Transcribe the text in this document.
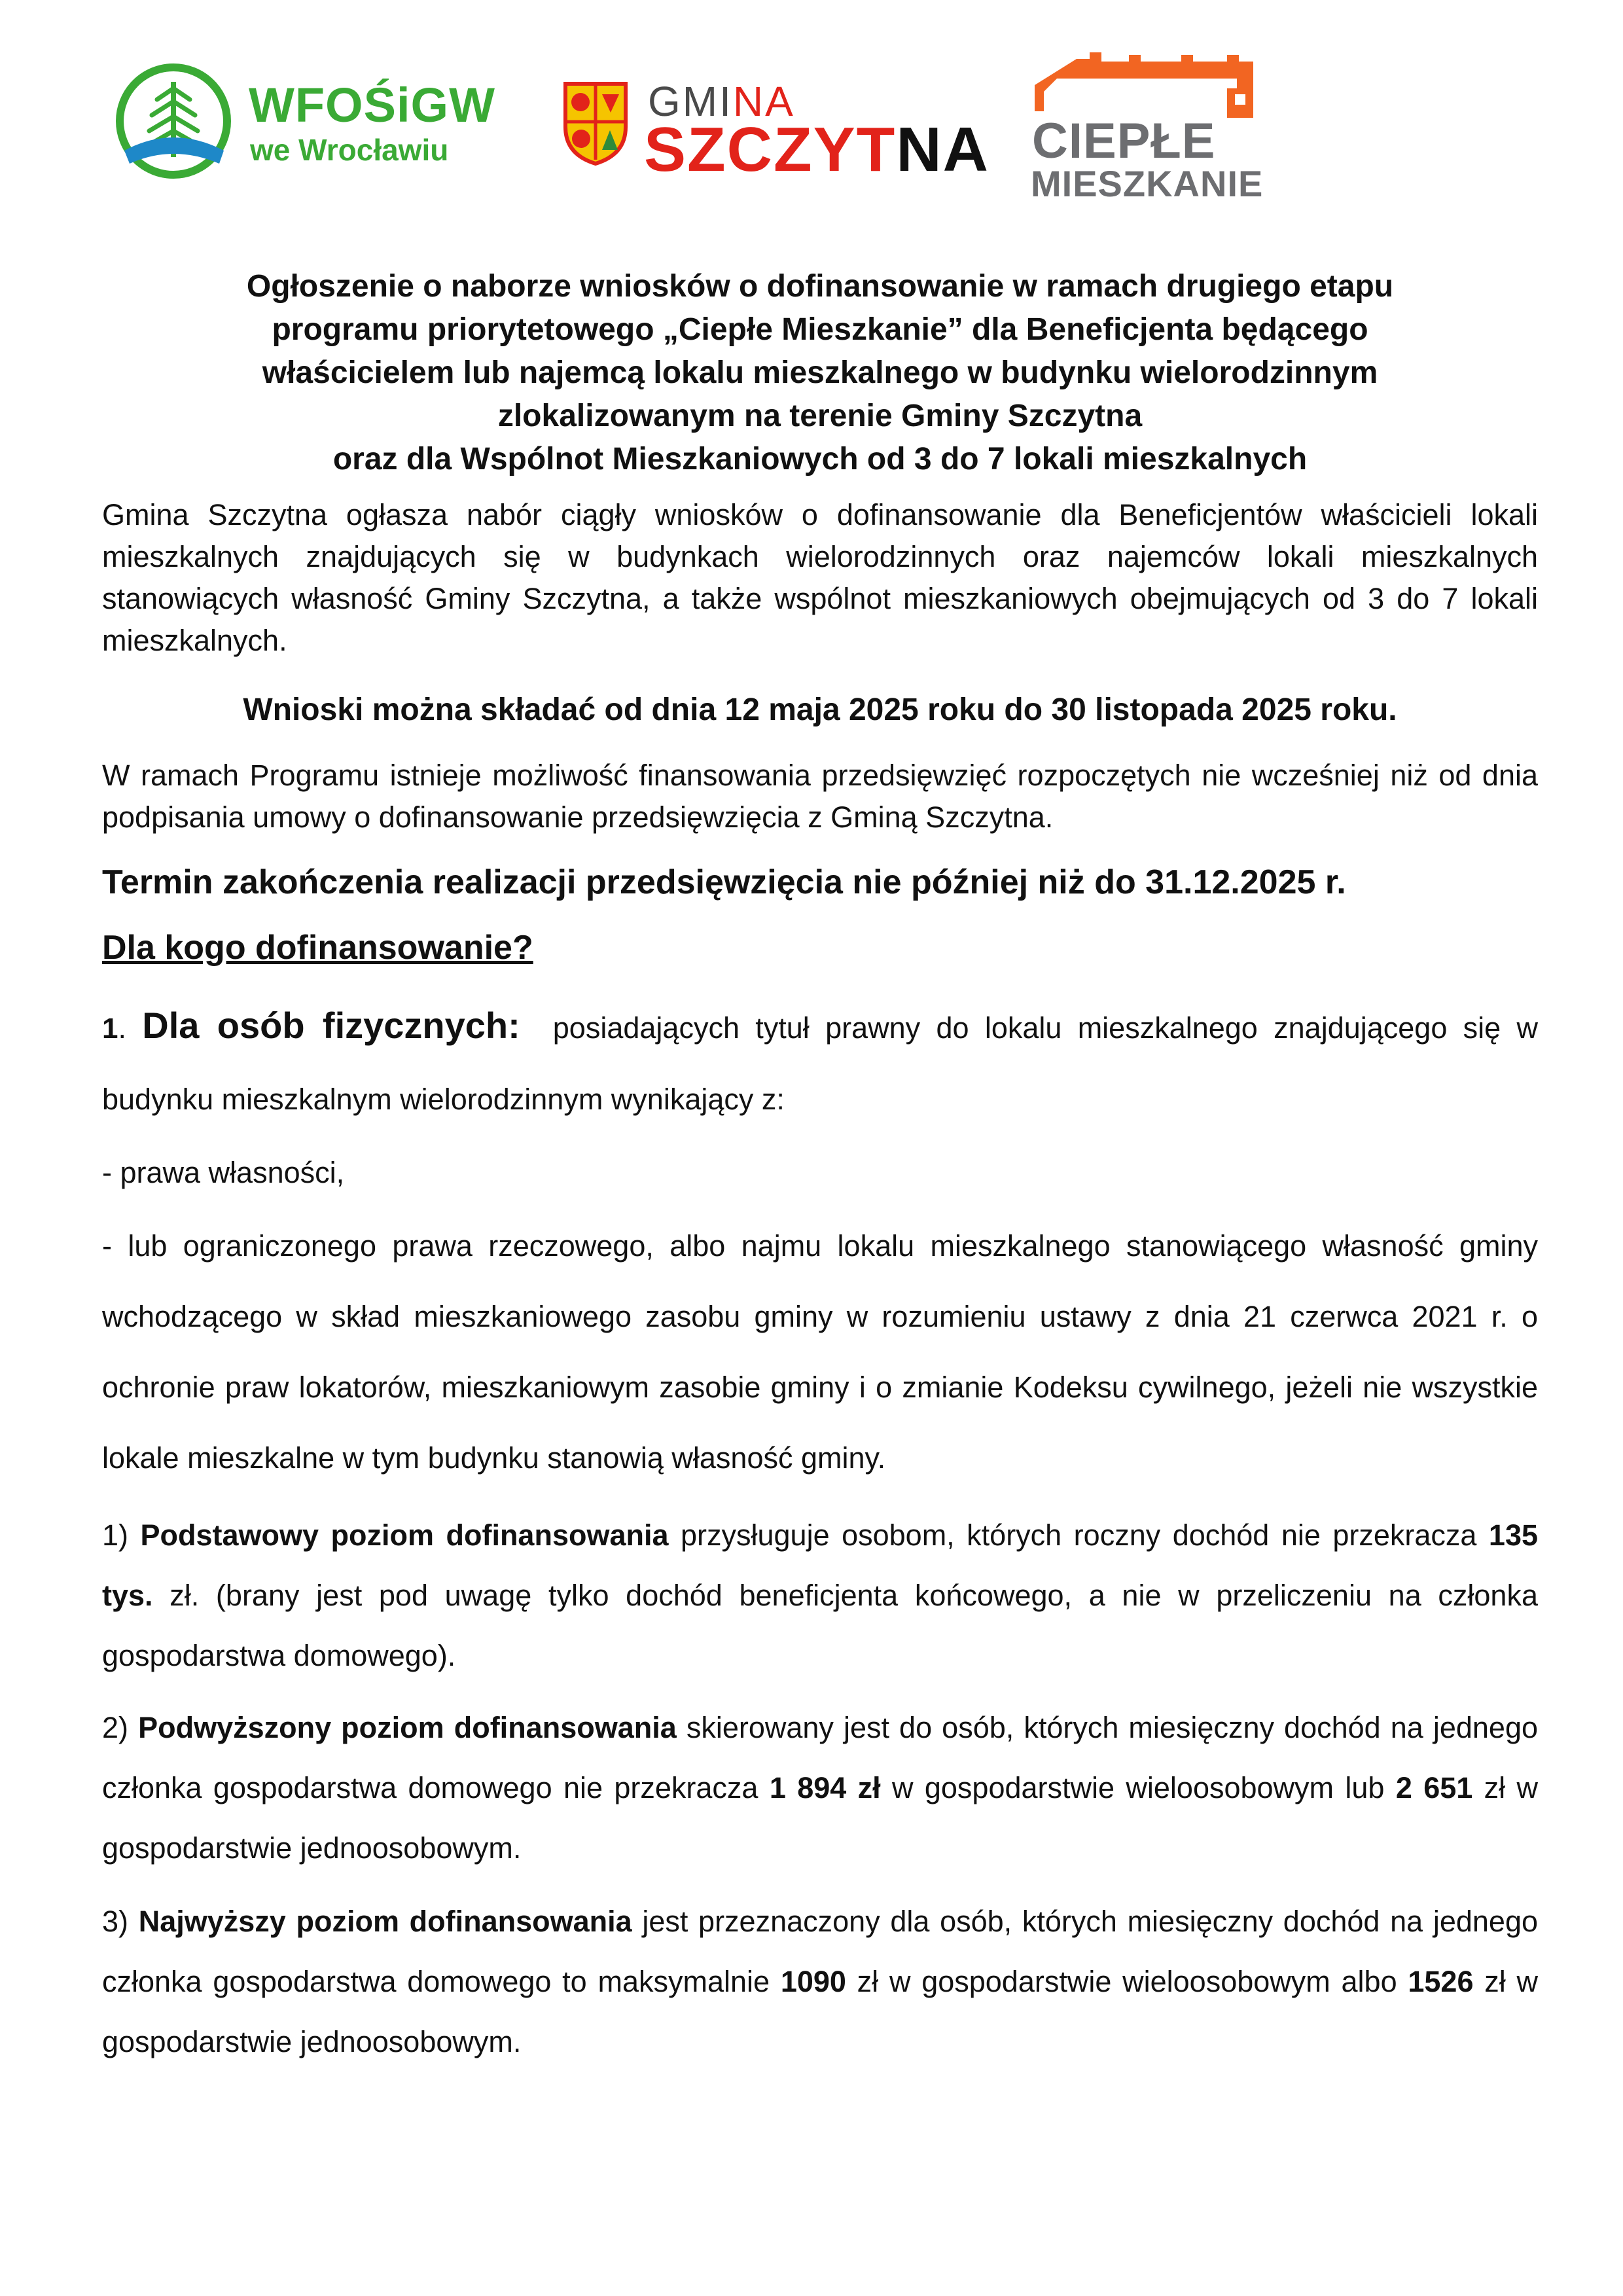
WFOŚiGW
we Wrocławiu
GMINA
SZCZYTNA CIEPŁE
MIESZKANIE
Ogłoszenie o naborze wniosków o dofinansowanie w ramach drugiego etapu
programu priorytetowego „Ciepłe Mieszkanie” dla Beneficjenta będącego
właścicielem lub najemcą lokalu mieszkalnego w budynku wielorodzinnym
zlokalizowanym na terenie Gminy Szczytna
oraz dla Wspólnot Mieszkaniowych od 3 do 7 lokali mieszkalnych

Gmina Szczytna ogłasza nabór ciągły wniosków o dofinansowanie dla Beneficjentów właścicieli lokali mieszkalnych znajdujących się w budynkach wielorodzinnych oraz najemców lokali mieszkalnych stanowiących własność Gminy Szczytna, a także wspólnot mieszkaniowych obejmujących od 3 do 7 lokali mieszkalnych.

Wnioski można składać od dnia 12 maja 2025 roku do 30 listopada 2025 roku.

W ramach Programu istnieje możliwość finansowania przedsięwzięć rozpoczętych nie wcześniej niż od dnia podpisania umowy o dofinansowanie przedsięwzięcia z Gminą Szczytna.

Termin zakończenia realizacji przedsięwzięcia nie później niż do 31.12.2025 r.

Dla kogo dofinansowanie?

1. Dla osób fizycznych: posiadających tytuł prawny do lokalu mieszkalnego znajdującego się w budynku mieszkalnym wielorodzinnym wynikający z:

- prawa własności,

- lub ograniczonego prawa rzeczowego, albo najmu lokalu mieszkalnego stanowiącego własność gminy wchodzącego w skład mieszkaniowego zasobu gminy w rozumieniu ustawy z dnia 21 czerwca 2021 r. o ochronie praw lokatorów, mieszkaniowym zasobie gminy i o zmianie Kodeksu cywilnego, jeżeli nie wszystkie lokale mieszkalne w tym budynku stanowią własność gminy.

1) Podstawowy poziom dofinansowania przysługuje osobom, których roczny dochód nie przekracza 135 tys. zł. (brany jest pod uwagę tylko dochód beneficjenta końcowego, a nie w przeliczeniu na członka gospodarstwa domowego).

2) Podwyższony poziom dofinansowania skierowany jest do osób, których miesięczny dochód na jednego członka gospodarstwa domowego nie przekracza 1 894 zł w gospodarstwie wieloosobowym lub 2 651 zł w gospodarstwie jednoosobowym.

3) Najwyższy poziom dofinansowania jest przeznaczony dla osób, których miesięczny dochód na jednego członka gospodarstwa domowego to maksymalnie 1090 zł w gospodarstwie wieloosobowym albo 1526 zł w gospodarstwie jednoosobowym.
